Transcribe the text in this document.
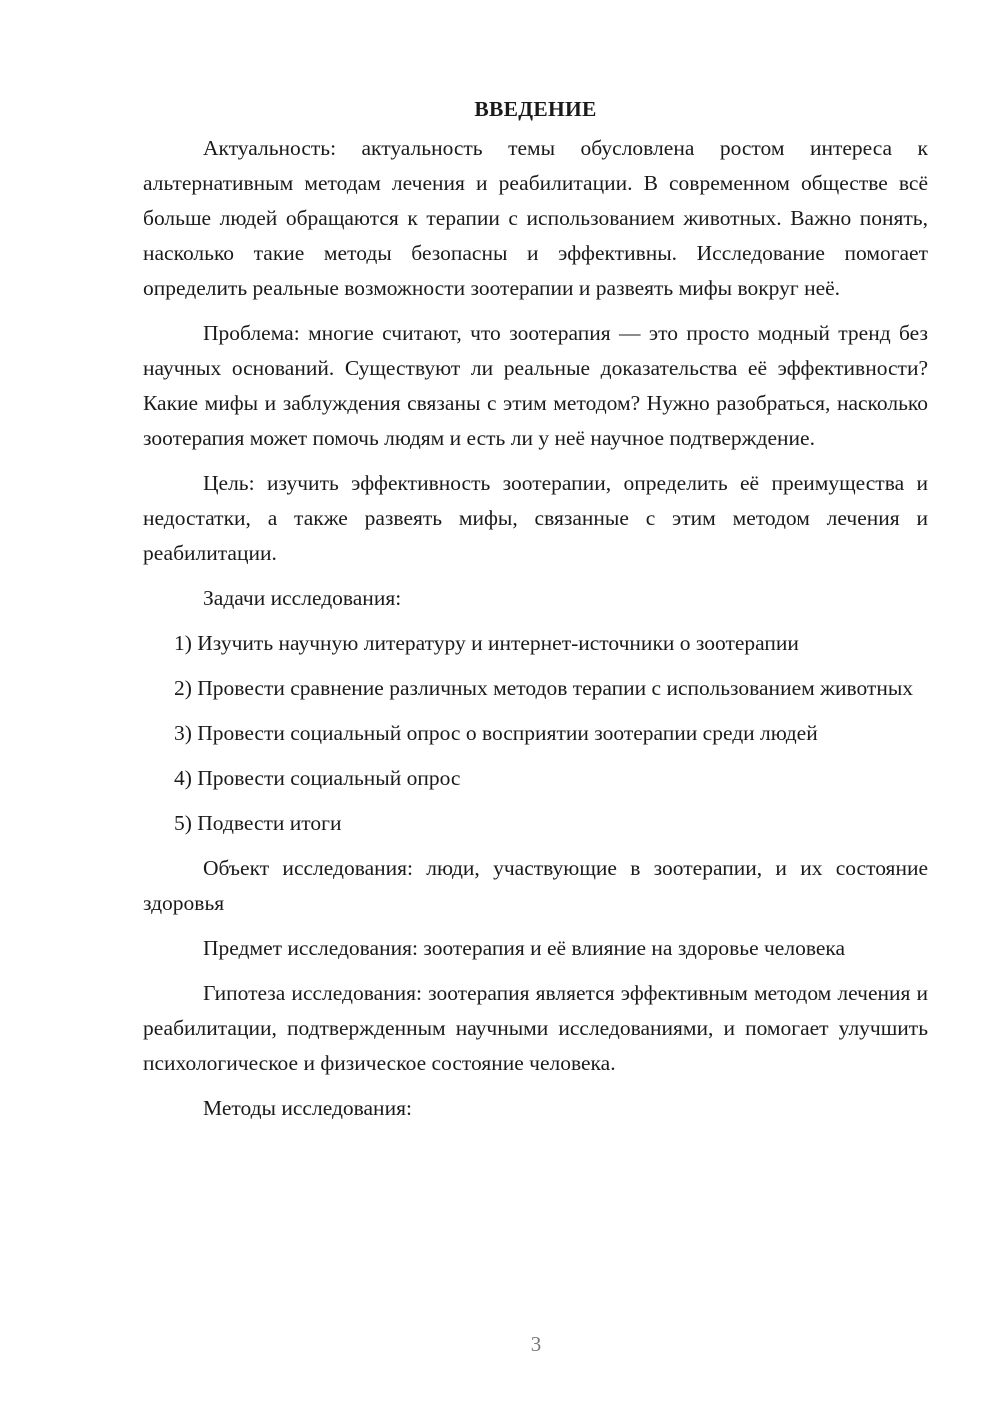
ВВЕДЕНИЕ

Актуальность: актуальность темы обусловлена ростом интереса к альтернативным методам лечения и реабилитации. В современном обществе всё больше людей обращаются к терапии с использованием животных. Важно понять, насколько такие методы безопасны и эффективны. Исследование помогает определить реальные возможности зоотерапии и развеять мифы вокруг неё.

Проблема: многие считают, что зоотерапия — это просто модный тренд без научных оснований. Существуют ли реальные доказательства её эффективности? Какие мифы и заблуждения связаны с этим методом? Нужно разобраться, насколько зоотерапия может помочь людям и есть ли у неё научное подтверждение.

Цель: изучить эффективность зоотерапии, определить её преимущества и недостатки, а также развеять мифы, связанные с этим методом лечения и реабилитации.

Задачи исследования:

1) Изучить научную литературу и интернет-источники о зоотерапии

2) Провести сравнение различных методов терапии с использованием животных

3) Провести социальный опрос о восприятии зоотерапии среди людей

4) Провести социальный опрос

5) Подвести итоги

Объект исследования: люди, участвующие в зоотерапии, и их состояние здоровья

Предмет исследования: зоотерапия и её влияние на здоровье человека

Гипотеза исследования: зоотерапия является эффективным методом лечения и реабилитации, подтвержденным научными исследованиями, и помогает улучшить психологическое и физическое состояние человека.

Методы исследования:

3
